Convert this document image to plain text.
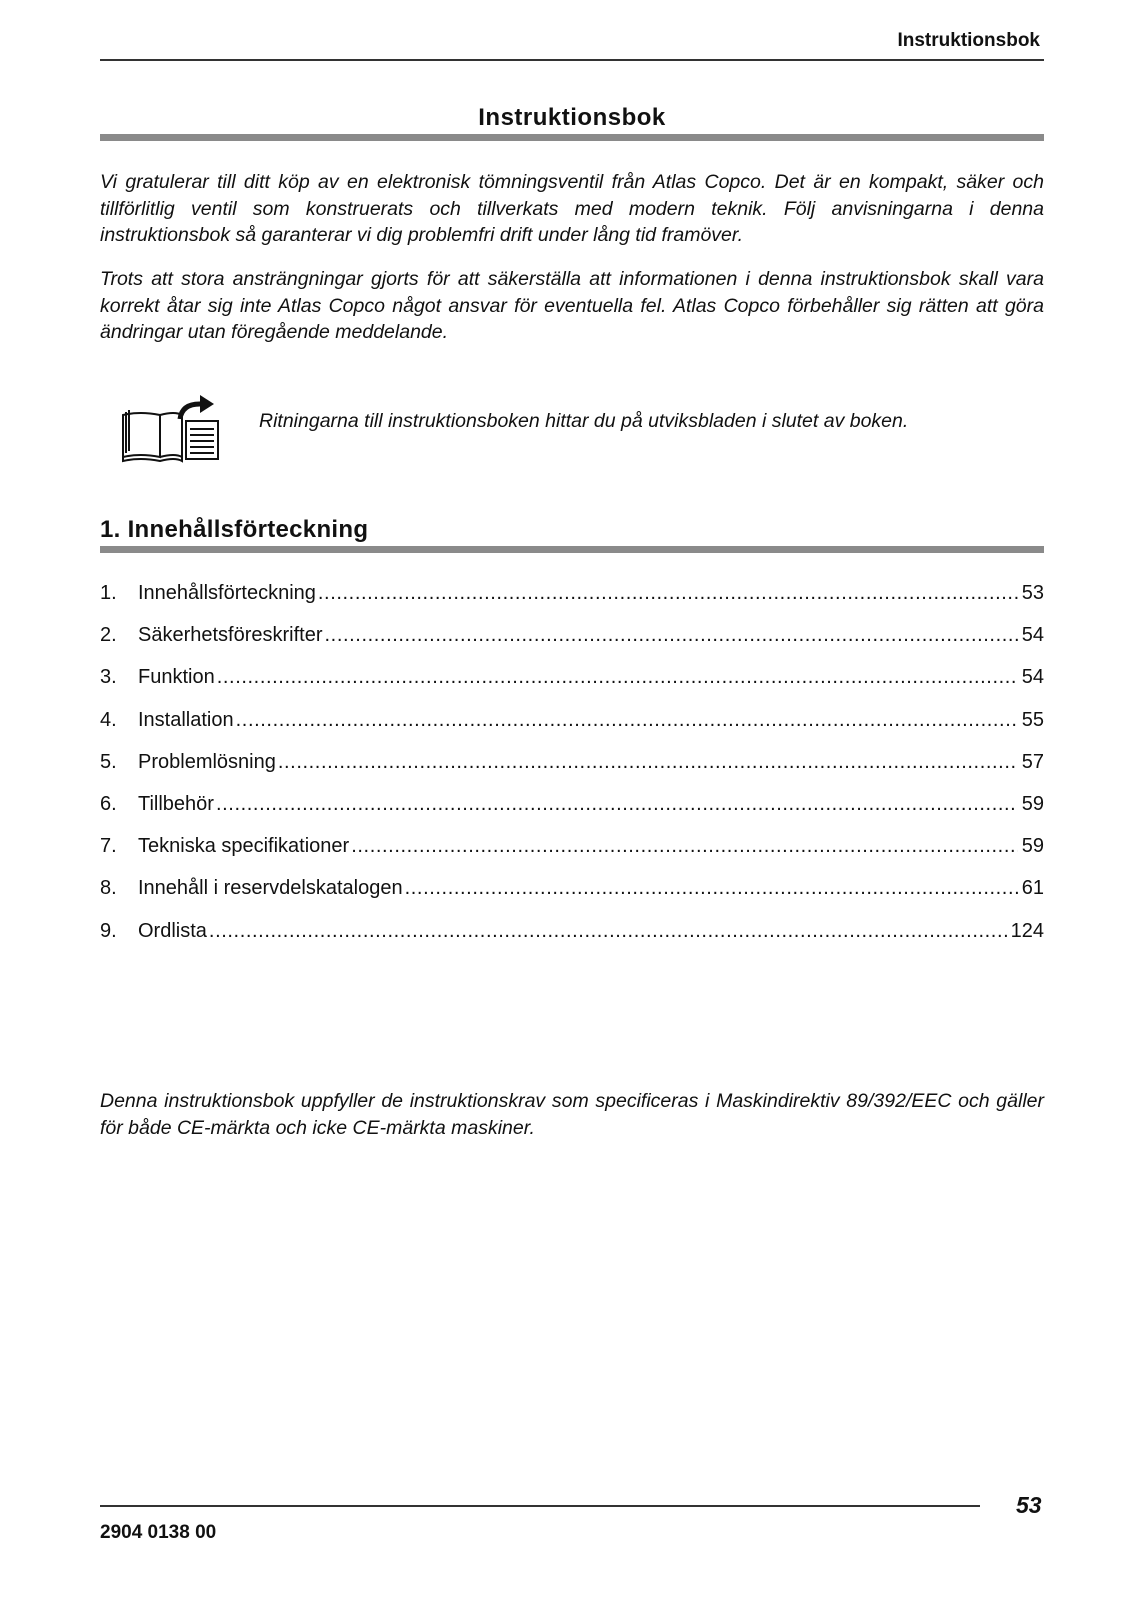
Instruktionsbok
Instruktionsbok

Vi gratulerar till ditt köp av en elektronisk tömningsventil från Atlas Copco. Det är en kompakt, säker och tillförlitlig ventil som konstruerats och tillverkats med modern teknik. Följ anvisningarna i denna instruktionsbok så garanterar vi dig problemfri drift under lång tid framöver.

Trots att stora ansträngningar gjorts för att säkerställa att informationen i denna instruktionsbok skall vara korrekt åtar sig inte Atlas Copco något ansvar för eventuella fel. Atlas Copco förbehåller sig rätten att göra ändringar utan föregående meddelande.

Ritningarna till instruktionsboken hittar du på utviksbladen i slutet av boken.
1. Innehållsförteckning
1.	Innehållsförteckning .....	53
2.	Säkerhetsföreskrifter .....	54
3.	Funktion .....	54
4.	Installation .....	55
5.	Problemlösning .....	57
6.	Tillbehör .....	59
7.	Tekniska specifikationer .....	59
8.	Innehåll i reservdelskatalogen .....	61
9.	Ordlista .....	124

Denna instruktionsbok uppfyller de instruktionskrav som specificeras i Maskindirektiv 89/392/EEC och gäller för både CE-märkta och icke CE-märkta maskiner.

2904 0138 00
53
